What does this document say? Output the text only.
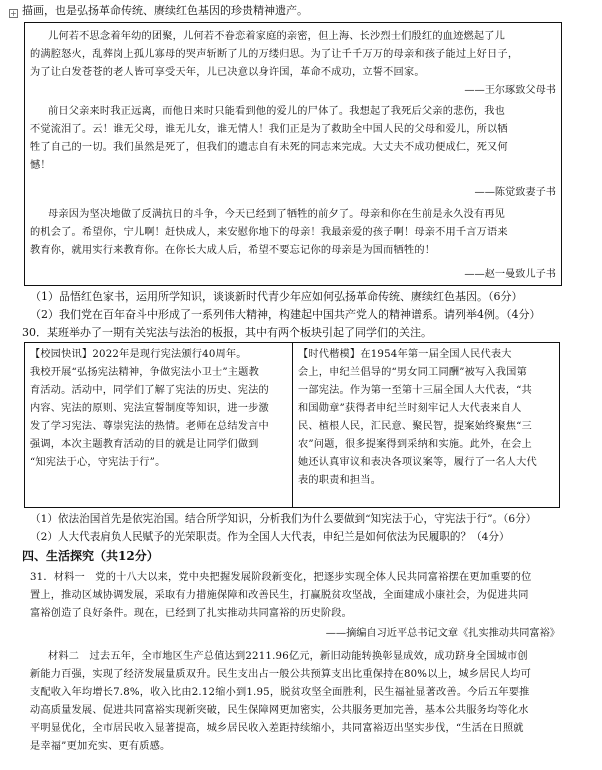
+ 描画，也是弘扬革命传统、赓续红色基因的珍贵精神遗产。
儿何若不思念着年幼的团聚，儿何若不眷恋着家庭的亲密，但上海、长沙烈士们殷红的血迹燃起了儿
的满腔怒火，乱葬岗上孤儿寡母的哭声斩断了儿的万缕归思。为了让千千万万的母亲和孩子能过上好日子，
为了让白发苍苍的老人皆可享受天年，儿已决意以身许国，革命不成功，立誓不回家。
——王尔琢致父母书
前日父亲来时我正远离，而他日来时只能看到他的爱儿的尸体了。我想起了我死后父亲的悲伤，我也
不觉流泪了。云！谁无父母，谁无儿女，谁无情人！我们正是为了救助全中国人民的父母和爱儿，所以牺
牲了自己的一切。我们虽然是死了，但我们的遗志自有未死的同志来完成。大丈夫不成功便成仁，死又何
憾！
——陈觉致妻子书
母亲因为坚决地做了反满抗日的斗争，今天已经到了牺牲的前夕了。母亲和你在生前是永久没有再见
的机会了。希望你，宁儿啊！赶快成人，来安慰你地下的母亲！我最亲爱的孩子啊！母亲不用千言万语来
教育你，就用实行来教育你。在你长大成人后，希望不要忘记你的母亲是为国而牺牲的！
——赵一曼致儿子书
（1）品悟红色家书，运用所学知识，谈谈新时代青少年应如何弘扬革命传统、赓续红色基因。（6分）
（2）我们党在百年奋斗中形成了一系列伟大精神，构建起中国共产党人的精神谱系。请列举4例。（4分）
30．某班举办了一期有关宪法与法治的板报，其中有两个板块引起了同学们的关注。
【校园快讯】2022年是现行宪法颁行40周年。
我校开展“弘扬宪法精神，争做宪法小卫士”主题教
育活动。活动中，同学们了解了宪法的历史、宪法的
内容、宪法的原则、宪法宣誓制度等知识，进一步激
发了学习宪法、尊崇宪法的热情。老师在总结发言中
强调，本次主题教育活动的目的就是让同学们做到
“知宪法于心，守宪法于行”。
【时代楷模】在1954年第一届全国人民代表大
会上，申纪兰倡导的“男女同工同酬”被写入我国第
一部宪法。作为第一至第十三届全国人大代表，“共
和国勋章”获得者申纪兰时刻牢记人大代表来自人
民、植根人民，汇民意、聚民智，提案始终聚焦“三
农”问题，很多提案得到采纳和实施。此外，在会上
她还认真审议和表决各项议案等，履行了一名人大代
表的职责和担当。
（1）依法治国首先是依宪治国。结合所学知识，分析我们为什么要做到“知宪法于心，守宪法于行”。（6分）
（2）人大代表肩负人民赋予的光荣职责。作为全国人大代表，申纪兰是如何依法为民履职的？（4分）
四、生活探究（共12分）
31．材料一　党的十八大以来，党中央把握发展阶段新变化，把逐步实现全体人民共同富裕摆在更加重要的位
置上，推动区域协调发展，采取有力措施保障和改善民生，打赢脱贫攻坚战，全面建成小康社会，为促进共同
富裕创造了良好条件。现在，已经到了扎实推动共同富裕的历史阶段。
——摘编自习近平总书记文章《扎实推动共同富裕》
材料二　过去五年，全市地区生产总值达到2211.96亿元，新旧动能转换彰显成效，成功跻身全国城市创
新能力百强，实现了经济发展量质双升。民生支出占一般公共预算支出比重保持在80%以上，城乡居民人均可
支配收入年均增长7.8%，收入比由2.12缩小到1.95，脱贫攻坚全面胜利，民生福祉显著改善。今后五年要推
动高质量发展、促进共同富裕实现新突破，民生保障网更加密实，公共服务更加完善，基本公共服务均等化水
平明显优化，全市居民收入显著提高，城乡居民收入差距持续缩小，共同富裕迈出坚实步伐，“生活在日照就
是幸福”更加充实、更有质感。
